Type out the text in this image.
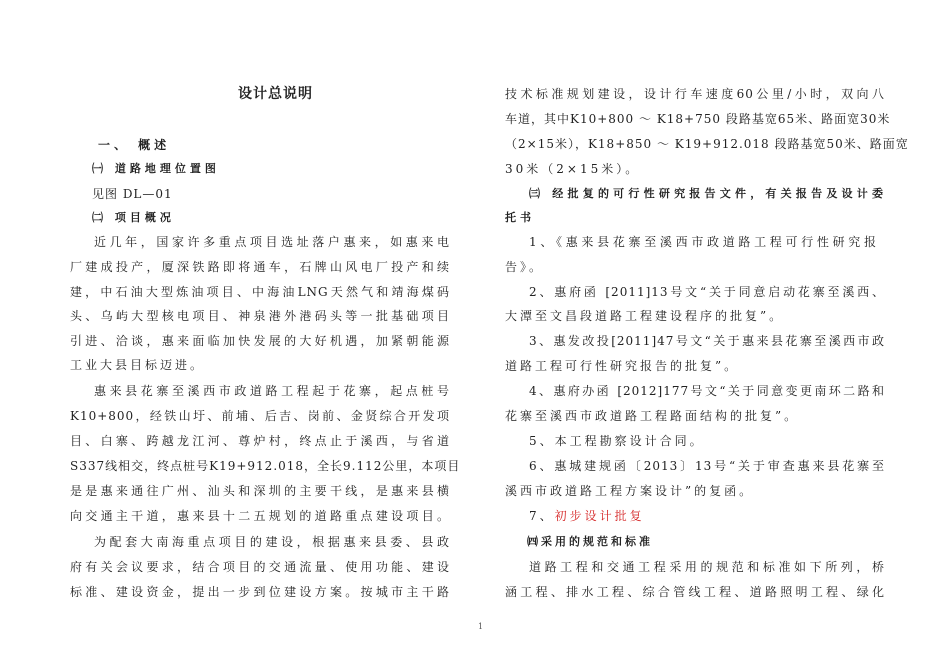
设计总说明
一、 概述
㈠ 道路地理位置图
见图 DL—01
㈡ 项目概况
近几年，国家许多重点项目选址落户惠来，如惠来电
厂建成投产，厦深铁路即将通车，石牌山风电厂投产和续
建，中石油大型炼油项目、中海油LNG天然气和靖海煤码
头、乌屿大型核电项目、神泉港外港码头等一批基础项目
引进、洽谈，惠来面临加快发展的大好机遇，加紧朝能源
工业大县目标迈进。
惠来县花寨至溪西市政道路工程起于花寨，起点桩号
K10+800，经铁山圩、前埔、后吉、岗前、金贤综合开发项
目、白寨、跨越龙江河、尊炉村，终点止于溪西，与省道
S337线相交，终点桩号K19+912.018，全长9.112公里，本项目
是是惠来通往广州、汕头和深圳的主要干线，是惠来县横
向交通主干道，惠来县十二五规划的道路重点建设项目。
为配套大南海重点项目的建设，根据惠来县委、县政
府有关会议要求，结合项目的交通流量、使用功能、建设
标准、建设资金，提出一步到位建设方案。按城市主干路
技术标准规划建设，设计行车速度60公里/小时，双向八
车道，其中K10+800 ～ K18+750 段路基宽65米、路面宽30米
（2×15米），K18+850 ～ K19+912.018 段路基宽50米、路面宽
30米（2×15米）。
㈢ 经批复的可行性研究报告文件，有关报告及设计委
托书
1、《惠来县花寨至溪西市政道路工程可行性研究报
告》。
2、惠府函 [2011]13号文“关于同意启动花寨至溪西、
大潭至文昌段道路工程建设程序的批复”。
3、惠发改投[2011]47号文“关于惠来县花寨至溪西市政
道路工程可行性研究报告的批复”。
4、惠府办函 [2012]177号文“关于同意变更南环二路和
花寨至溪西市政道路工程路面结构的批复”。
5、本工程勘察设计合同。
6、惠城建规函〔2013〕13号“关于审查惠来县花寨至
溪西市政道路工程方案设计”的复函。
7、初步设计批复
㈣采用的规范和标准
道路工程和交通工程采用的规范和标准如下所列，桥
涵工程、排水工程、综合管线工程、道路照明工程、绿化
1
